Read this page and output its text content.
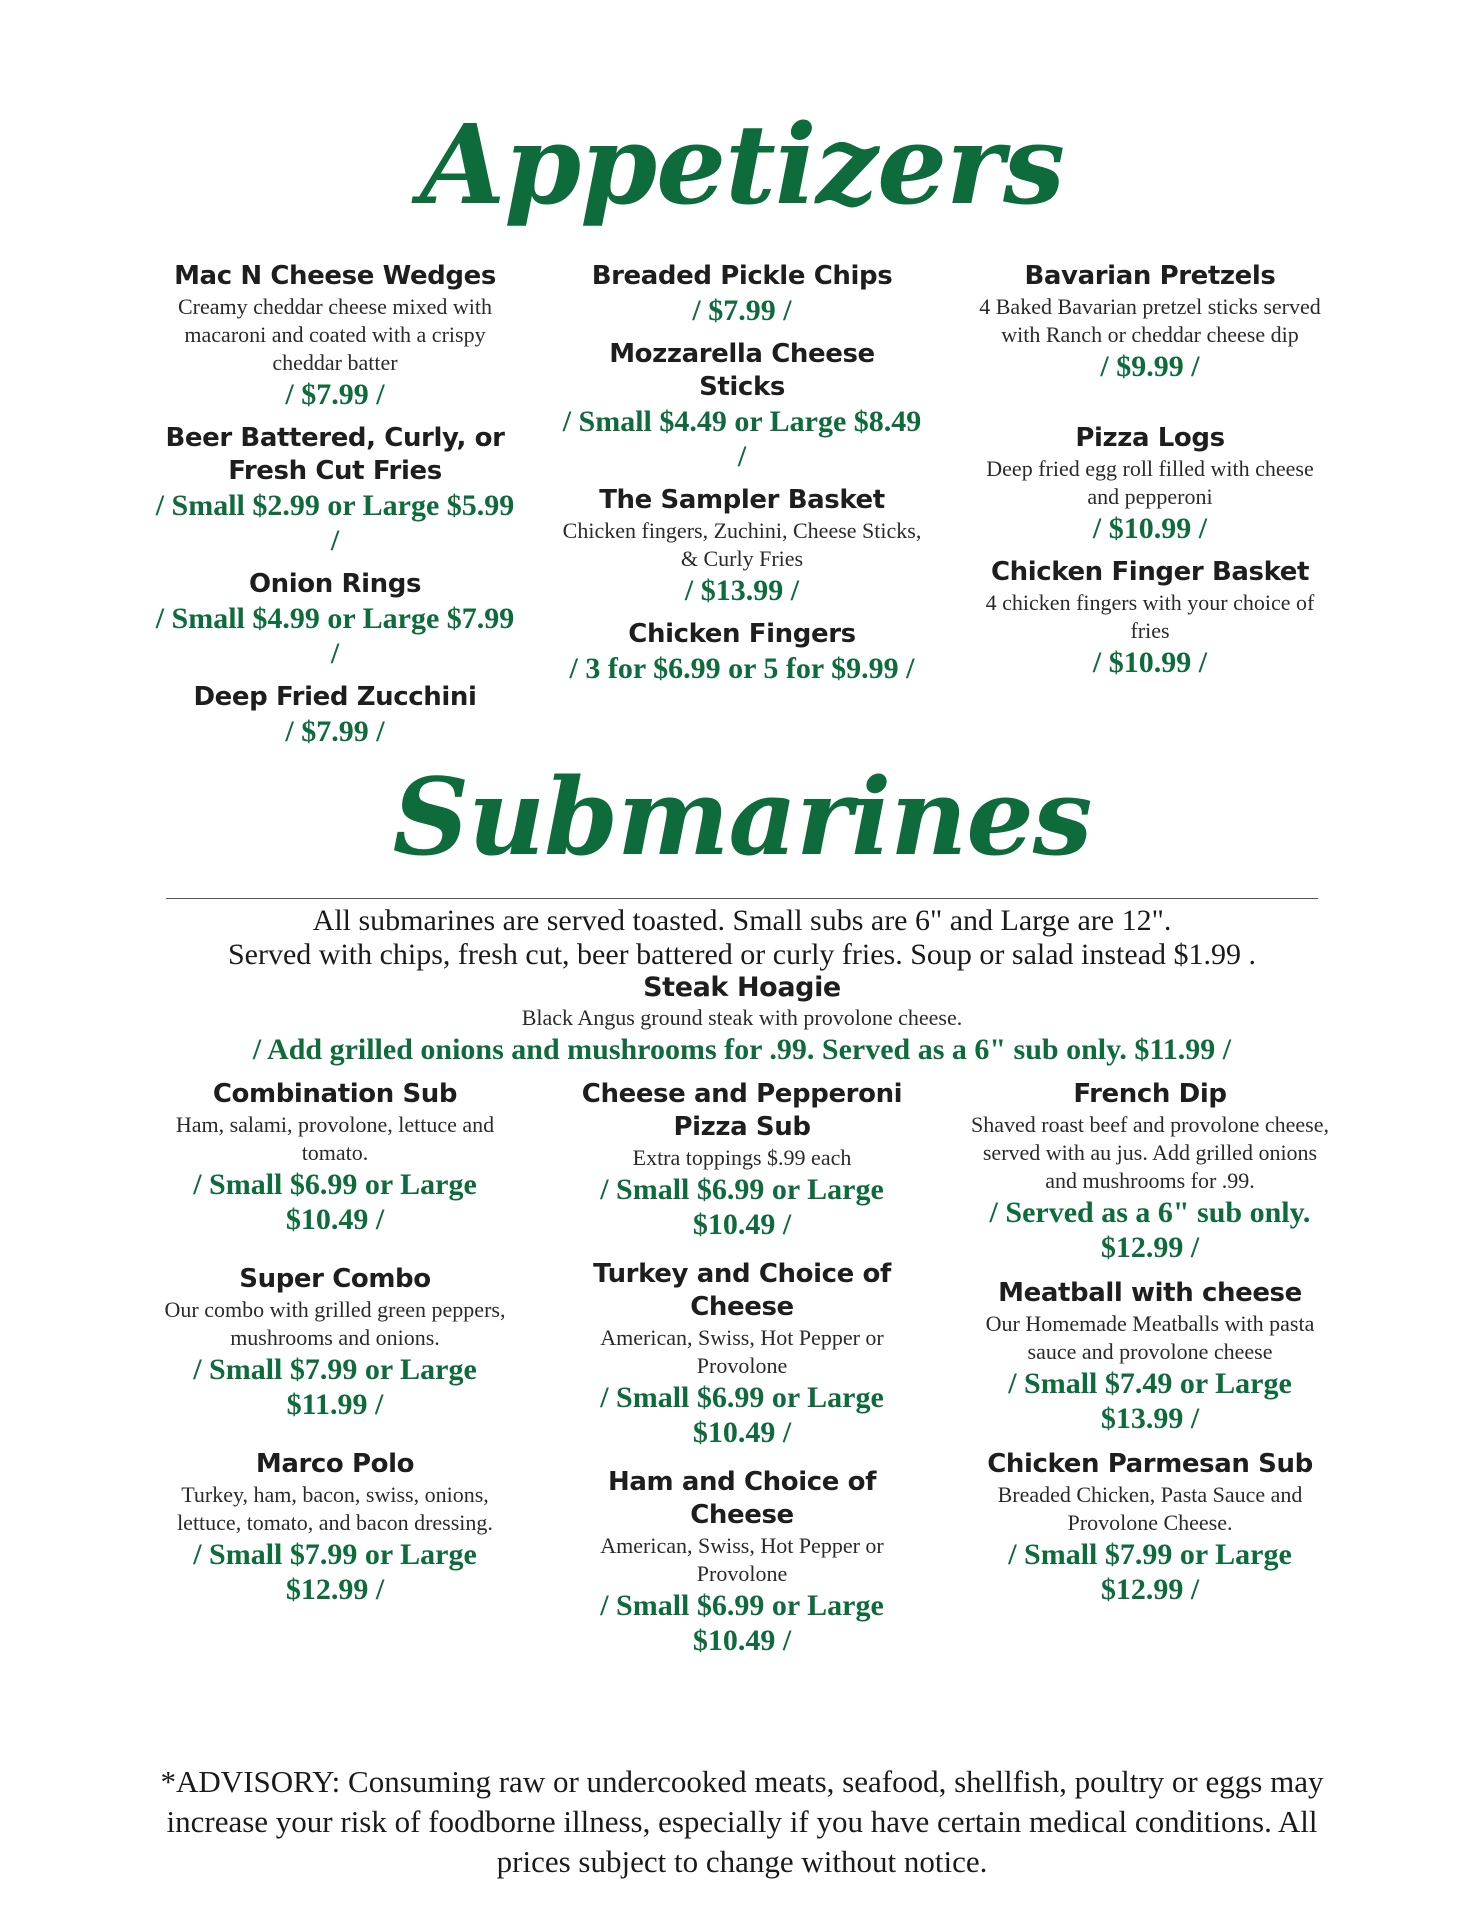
Appetizers
Mac N Cheese Wedges
Creamy cheddar cheese mixed with macaroni and coated with a crispy cheddar batter
/ $7.99 /
Beer Battered, Curly, or Fresh Cut Fries
/ Small $2.99 or Large $5.99 /
Onion Rings
/ Small $4.99 or Large $7.99 /
Deep Fried Zucchini
/ $7.99 /
Breaded Pickle Chips
/ $7.99 /
Mozzarella Cheese Sticks
/ Small $4.49 or Large $8.49 /
The Sampler Basket
Chicken fingers, Zuchini, Cheese Sticks, & Curly Fries
/ $13.99 /
Chicken Fingers
/ 3 for $6.99 or 5 for $9.99 /
Bavarian Pretzels
4 Baked Bavarian pretzel sticks served with Ranch or cheddar cheese dip
/ $9.99 /
Pizza Logs
Deep fried egg roll filled with cheese and pepperoni
/ $10.99 /
Chicken Finger Basket
4 chicken fingers with your choice of fries
/ $10.99 /
Submarines
All submarines are served toasted. Small subs are 6" and Large are 12".
Served with chips, fresh cut, beer battered or curly fries. Soup or salad instead $1.99 .
Steak Hoagie
Black Angus ground steak with provolone cheese.
/ Add grilled onions and mushrooms for .99. Served as a 6" sub only. $11.99 /
Combination Sub
Ham, salami, provolone, lettuce and tomato.
/ Small $6.99 or Large $10.49 /
Super Combo
Our combo with grilled green peppers, mushrooms and onions.
/ Small $7.99 or Large $11.99 /
Marco Polo
Turkey, ham, bacon, swiss, onions, lettuce, tomato, and bacon dressing.
/ Small $7.99 or Large $12.99 /
Cheese and Pepperoni Pizza Sub
Extra toppings $.99 each
/ Small $6.99 or Large $10.49 /
Turkey and Choice of Cheese
American, Swiss, Hot Pepper or Provolone
/ Small $6.99 or Large $10.49 /
Ham and Choice of Cheese
American, Swiss, Hot Pepper or Provolone
/ Small $6.99 or Large $10.49 /
French Dip
Shaved roast beef and provolone cheese, served with au jus. Add grilled onions and mushrooms for .99.
/ Served as a 6" sub only. $12.99 /
Meatball with cheese
Our Homemade Meatballs with pasta sauce and provolone cheese
/ Small $7.49 or Large $13.99 /
Chicken Parmesan Sub
Breaded Chicken, Pasta Sauce and Provolone Cheese.
/ Small $7.99 or Large $12.99 /
*ADVISORY: Consuming raw or undercooked meats, seafood, shellfish, poultry or eggs may increase your risk of foodborne illness, especially if you have certain medical conditions. All prices subject to change without notice.
